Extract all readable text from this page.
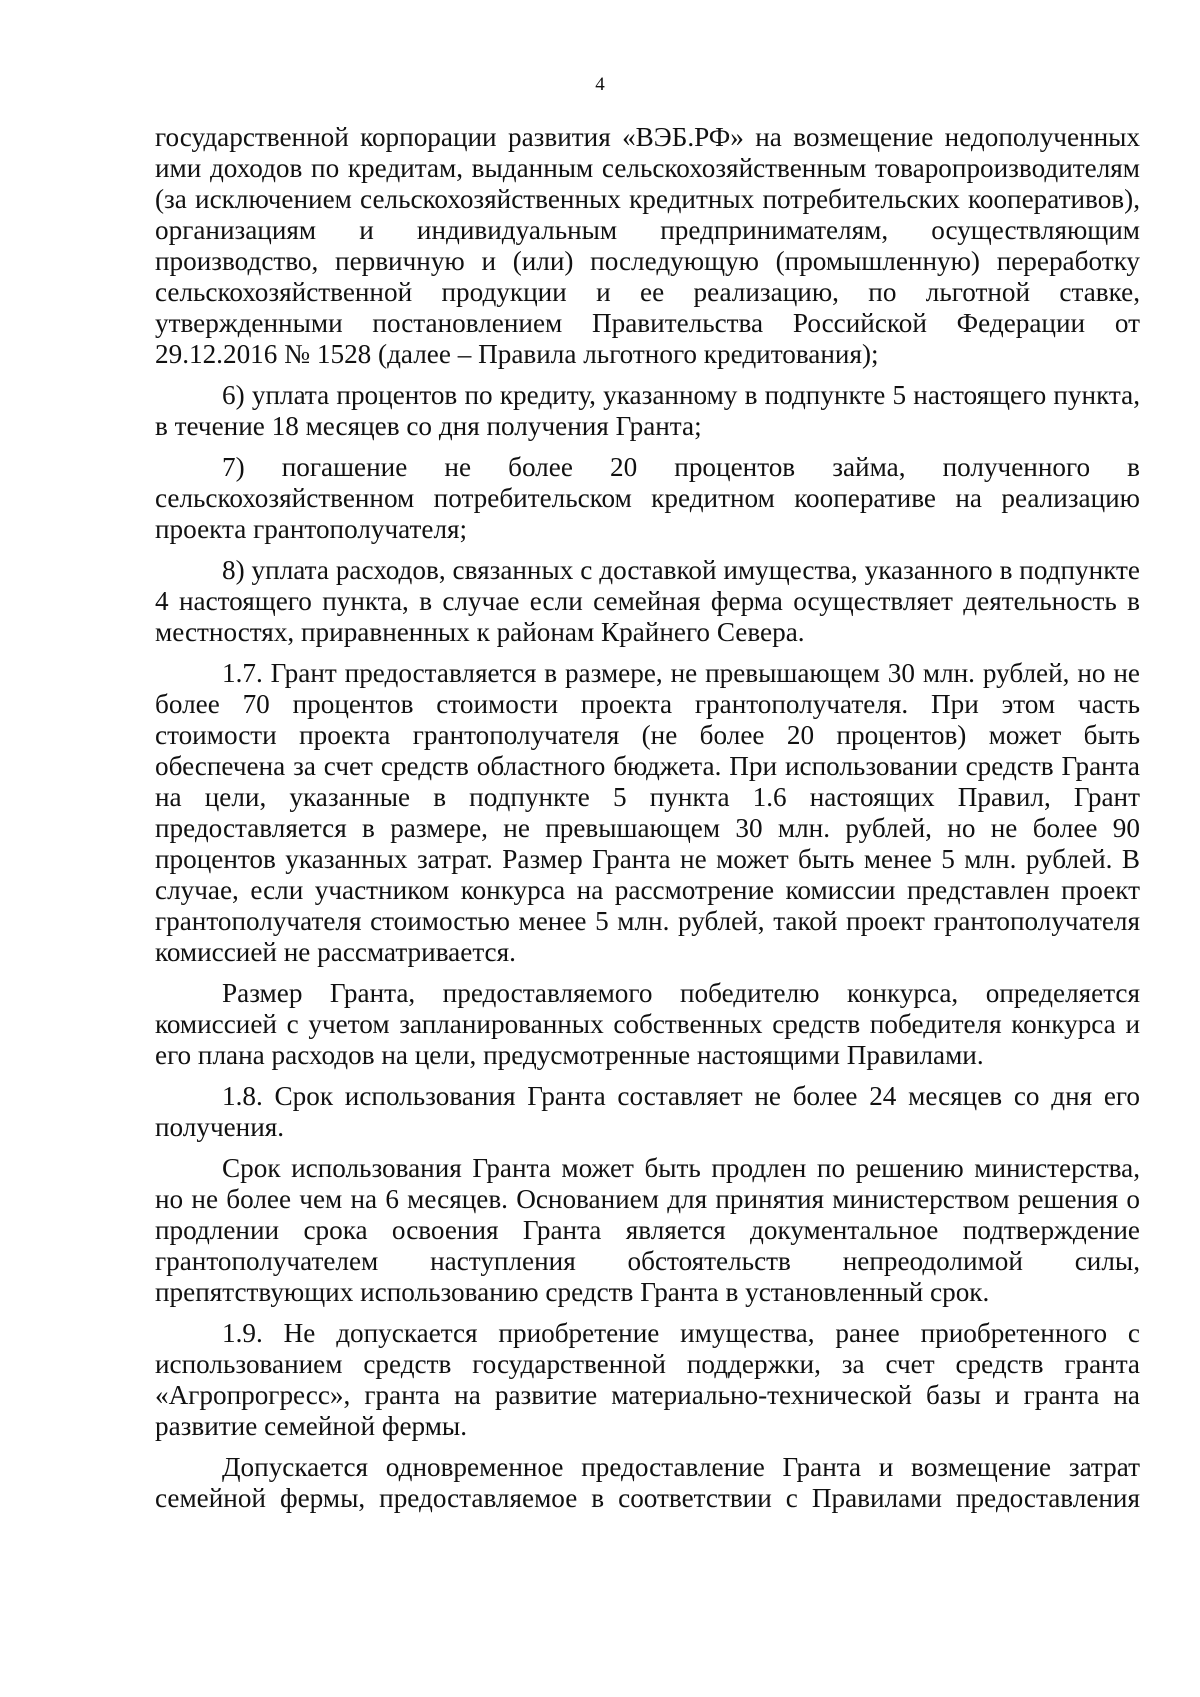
4

государственной корпорации развития «ВЭБ.РФ» на возмещение недополученных ими доходов по кредитам, выданным сельскохозяйственным товаропроизводителям (за исключением сельскохозяйственных кредитных потребительских кооперативов), организациям и индивидуальным предпринимателям, осуществляющим производство, первичную и (или) последующую (промышленную) переработку сельскохозяйственной продукции и ее реализацию, по льготной ставке, утвержденными постановлением Правительства Российской Федерации от 29.12.2016 № 1528 (далее – Правила льготного кредитования);

6) уплата процентов по кредиту, указанному в подпункте 5 настоящего пункта, в течение 18 месяцев со дня получения Гранта;

7) погашение не более 20 процентов займа, полученного в сельскохозяйственном потребительском кредитном кооперативе на реализацию проекта грантополучателя;

8) уплата расходов, связанных с доставкой имущества, указанного в подпункте 4 настоящего пункта, в случае если семейная ферма осуществляет деятельность в местностях, приравненных к районам Крайнего Севера.

1.7. Грант предоставляется в размере, не превышающем 30 млн. рублей, но не более 70 процентов стоимости проекта грантополучателя. При этом часть стоимости проекта грантополучателя (не более 20 процентов) может быть обеспечена за счет средств областного бюджета. При использовании средств Гранта на цели, указанные в подпункте 5 пункта 1.6 настоящих Правил, Грант предоставляется в размере, не превышающем 30 млн. рублей, но не более 90 процентов указанных затрат. Размер Гранта не может быть менее 5 млн. рублей. В случае, если участником конкурса на рассмотрение комиссии представлен проект грантополучателя стоимостью менее 5 млн. рублей, такой проект грантополучателя комиссией не рассматривается.

Размер Гранта, предоставляемого победителю конкурса, определяется комиссией с учетом запланированных собственных средств победителя конкурса и его плана расходов на цели, предусмотренные настоящими Правилами.

1.8. Срок использования Гранта составляет не более 24 месяцев со дня его получения.

Срок использования Гранта может быть продлен по решению министерства, но не более чем на 6 месяцев. Основанием для принятия министерством решения о продлении срока освоения Гранта является документальное подтверждение грантополучателем наступления обстоятельств непреодолимой силы, препятствующих использованию средств Гранта в установленный срок.

1.9. Не допускается приобретение имущества, ранее приобретенного с использованием средств государственной поддержки, за счет средств гранта «Агропрогресс», гранта на развитие материально-технической базы и гранта на развитие семейной фермы.

Допускается одновременное предоставление Гранта и возмещение затрат семейной фермы, предоставляемое в соответствии с Правилами предоставления
